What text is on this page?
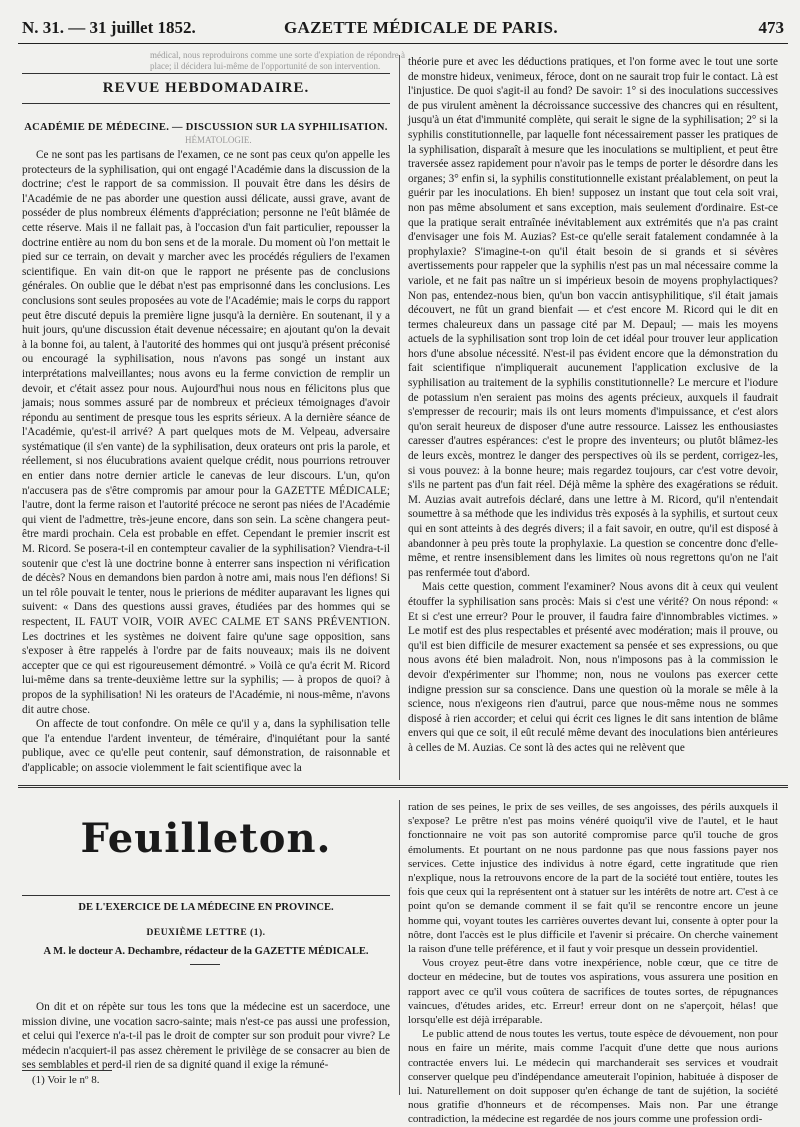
N. 31. — 31 juillet 1852.	GAZETTE MÉDICALE DE PARIS.	473
médical, nous reproduirons comme une sorte d'expiation de répondre à
place; il décidera lui-même de l'opportunité de son intervention.
HÉMATOLOGIE.
REVUE HEBDOMADAIRE.
ACADÉMIE DE MÉDECINE. — DISCUSSION SUR LA SYPHILISATION.

Ce ne sont pas les partisans de l'examen, ce ne sont pas ceux qu'on appelle les protecteurs de la syphilisation, qui ont engagé l'Académie dans la discussion de la doctrine; c'est le rapport de sa commission. Il pouvait être dans les désirs de l'Académie de ne pas aborder une question aussi délicate, aussi grave, avant de posséder de plus nombreux éléments d'appréciation; personne ne l'eût blâmée de cette réserve. Mais il ne fallait pas, à l'occasion d'un fait particulier, repousser la doctrine entière au nom du bon sens et de la morale. Du moment où l'on mettait le pied sur ce terrain, on devait y marcher avec les procédés réguliers de l'examen scientifique. En vain dit-on que le rapport ne présente pas de conclusions générales. On oublie que le débat n'est pas emprisonné dans les conclusions. Les conclusions sont seules proposées au vote de l'Académie; mais le corps du rapport peut être discuté depuis la première ligne jusqu'à la dernière. En soutenant, il y a huit jours, qu'une discussion était devenue nécessaire; en ajoutant qu'on la devait à la bonne foi, au talent, à l'autorité des hommes qui ont jusqu'à présent préconisé ou encouragé la syphilisation, nous n'avons pas songé un instant aux interprétations malveillantes; nous avons eu la ferme conviction de remplir un devoir, et c'était assez pour nous. Aujourd'hui nous nous en félicitons plus que jamais; nous sommes assuré par de nombreux et précieux témoignages d'avoir répondu au sentiment de presque tous les esprits sérieux. A la dernière séance de l'Académie, qu'est-il arrivé? A part quelques mots de M. Velpeau, adversaire systématique (il s'en vante) de la syphilisation, deux orateurs ont pris la parole, et réellement, si nos élucubrations avaient quelque crédit, nous pourrions retrouver en entier dans notre dernier article le canevas de leur discours. L'un, qu'on n'accusera pas de s'être compromis par amour pour la GAZETTE MÉDICALE; l'autre, dont la ferme raison et l'autorité précoce ne seront pas niées de l'Académie qui vient de l'admettre, très-jeune encore, dans son sein. La scène changera peut-être mardi prochain. Cela est probable en effet. Cependant le premier inscrit est M. Ricord. Se posera-t-il en contempteur cavalier de la syphilisation? Viendra-t-il soutenir que c'est là une doctrine bonne à enterrer sans inspection ni vérification de décès? Nous en demandons bien pardon à notre ami, mais nous l'en défions! Si un tel rôle pouvait le tenter, nous le prierions de méditer auparavant les lignes qui suivent: « Dans des questions aussi graves, étudiées par des hommes qui se respectent, IL FAUT VOIR, VOIR AVEC CALME ET SANS PRÉVENTION. Les doctrines et les systèmes ne doivent faire qu'une sage opposition, sans s'exposer à être rappelés à l'ordre par de faits nouveaux; mais ils ne doivent accepter que ce qui est rigoureusement démontré. » Voilà ce qu'a écrit M. Ricord lui-même dans sa trente-deuxième lettre sur la syphilis; — à propos de quoi? à propos de la syphilisation! Ni les orateurs de l'Académie, ni nous-même, n'avons dit autre chose.

On affecte de tout confondre. On mêle ce qu'il y a, dans la syphilisation telle que l'a entendue l'ardent inventeur, de téméraire, d'inquiétant pour la santé publique, avec ce qu'elle peut contenir, sauf démonstration, de raisonnable et d'applicable; on associe violemment le fait scientifique avec la

théorie pure et avec les déductions pratiques, et l'on forme avec le tout une sorte de monstre hideux, venimeux, féroce, dont on ne saurait trop fuir le contact. Là est l'injustice. De quoi s'agit-il au fond? De savoir: 1° si des inoculations successives de pus virulent amènent la décroissance successive des chancres qui en résultent, jusqu'à un état d'immunité complète, qui serait le signe de la syphilisation; 2° si la syphilis constitutionnelle, par laquelle font nécessairement passer les pratiques de la syphilisation, disparaît à mesure que les inoculations se multiplient, et peut être traversée assez rapidement pour n'avoir pas le temps de porter le désordre dans les organes; 3° enfin si, la syphilis constitutionnelle existant préalablement, on peut la guérir par les inoculations. Eh bien! supposez un instant que tout cela soit vrai, non pas même absolument et sans exception, mais seulement d'ordinaire. Est-ce que la pratique serait entraînée inévitablement aux extrémités que n'a pas craint d'envisager une fois M. Auzias? Est-ce qu'elle serait fatalement condamnée à la prophylaxie? S'imagine-t-on qu'il était besoin de si grands et si sévères avertissements pour rappeler que la syphilis n'est pas un mal nécessaire comme la variole, et ne fait pas naître un si impérieux besoin de moyens prophylactiques? Non pas, entendez-nous bien, qu'un bon vaccin antisyphilitique, s'il était jamais découvert, ne fût un grand bienfait — et c'est encore M. Ricord qui le dit en termes chaleureux dans un passage cité par M. Depaul; — mais les moyens actuels de la syphilisation sont trop loin de cet idéal pour trouver leur application hors d'une absolue nécessité. N'est-il pas évident encore que la démonstration du fait scientifique n'impliquerait aucunement l'application exclusive de la syphilisation au traitement de la syphilis constitutionnelle? Le mercure et l'iodure de potassium n'en seraient pas moins des agents précieux, auxquels il faudrait s'empresser de recourir; mais ils ont leurs moments d'impuissance, et c'est alors qu'on serait heureux de disposer d'une autre ressource. Laissez les enthousiastes caresser d'autres espérances: c'est le propre des inventeurs; ou plutôt blâmez-les de leurs excès, montrez le danger des perspectives où ils se perdent, corrigez-les, si vous pouvez: à la bonne heure; mais regardez toujours, car c'est votre devoir, s'ils ne partent pas d'un fait réel. Déjà même la sphère des exagérations se réduit. M. Auzias avait autrefois déclaré, dans une lettre à M. Ricord, qu'il n'entendait soumettre à sa méthode que les individus très exposés à la syphilis, et surtout ceux qui en sont atteints à des degrés divers; il a fait savoir, en outre, qu'il est disposé à abandonner à peu près toute la prophylaxie. La question se concentre donc d'elle-même, et rentre insensiblement dans les limites où nous regrettons qu'on ne l'ait pas renfermée tout d'abord.

Mais cette question, comment l'examiner? Nous avons dit à ceux qui veulent étouffer la syphilisation sans procès: Mais si c'est une vérité? On nous répond: « Et si c'est une erreur? Pour le prouver, il faudra faire d'innombrables victimes. » Le motif est des plus respectables et présenté avec modération; mais il prouve, ou qu'il est bien difficile de mesurer exactement sa pensée et ses expressions, ou que nous avons été bien maladroit. Non, nous n'imposons pas à la commission le devoir d'expérimenter sur l'homme; non, nous ne voulons pas exercer cette indigne pression sur sa conscience. Dans une question où la morale se mêle à la science, nous n'exigeons rien d'autrui, parce que nous-même nous ne sommes disposé à rien accorder; et celui qui écrit ces lignes le dit sans intention de blâme envers qui que ce soit, il eût reculé même devant des inoculations bien antérieures à celles de M. Auzias. Ce sont là des actes qui ne relèvent que

Feuilleton.
DE L'EXERCICE DE LA MÉDECINE EN PROVINCE.
DEUXIÈME LETTRE (1).
A M. le docteur A. Dechambre, rédacteur de la GAZETTE MÉDICALE.

On dit et on répète sur tous les tons que la médecine est un sacerdoce, une mission divine, une vocation sacro-sainte; mais n'est-ce pas aussi une profession, et celui qui l'exerce n'a-t-il pas le droit de compter sur son produit pour vivre? Le médecin n'acquiert-il pas assez chèrement le privilège de se consacrer au bien de ses semblables et perd-il rien de sa dignité quand il exige la rémuné-

ration de ses peines, le prix de ses veilles, de ses angoisses, des périls auxquels il s'expose? Le prêtre n'est pas moins vénéré quoiqu'il vive de l'autel, et le haut fonctionnaire ne voit pas son autorité compromise parce qu'il touche de gros émoluments. Et pourtant on ne nous pardonne pas que nous fassions payer nos services. Cette injustice des individus à notre égard, cette ingratitude que rien n'explique, nous la retrouvons encore de la part de la société tout entière, toutes les fois que ceux qui la représentent ont à statuer sur les intérêts de notre art. C'est à ce point qu'on se demande comment il se fait qu'il se rencontre encore un jeune homme qui, voyant toutes les carrières ouvertes devant lui, consente à opter pour la nôtre, dont l'accès est le plus difficile et l'avenir si précaire. On cherche vainement la raison d'une telle préférence, et il faut y voir presque un dessein providentiel.

Vous croyez peut-être dans votre inexpérience, noble cœur, que ce titre de docteur en médecine, but de toutes vos aspirations, vous assurera une position en rapport avec ce qu'il vous coûtera de sacrifices de toutes sortes, de répugnances vaincues, d'études arides, etc. Erreur! erreur dont on ne s'aperçoit, hélas! que lorsqu'elle est déjà irréparable.

Le public attend de nous toutes les vertus, toute espèce de dévouement, non pour nous en faire un mérite, mais comme l'acquit d'une dette que nous aurions contractée envers lui. Le médecin qui marchanderait ses services et voudrait conserver quelque peu d'indépendance ameuterait l'opinion, habituée à disposer de lui. Naturellement on doit supposer qu'en échange de tant de sujétion, la société nous gratifie d'honneurs et de récompenses. Mais non. Par une étrange contradiction, la médecine est regardée de nos jours comme une profession ordi-

(1) Voir le nº 8.
